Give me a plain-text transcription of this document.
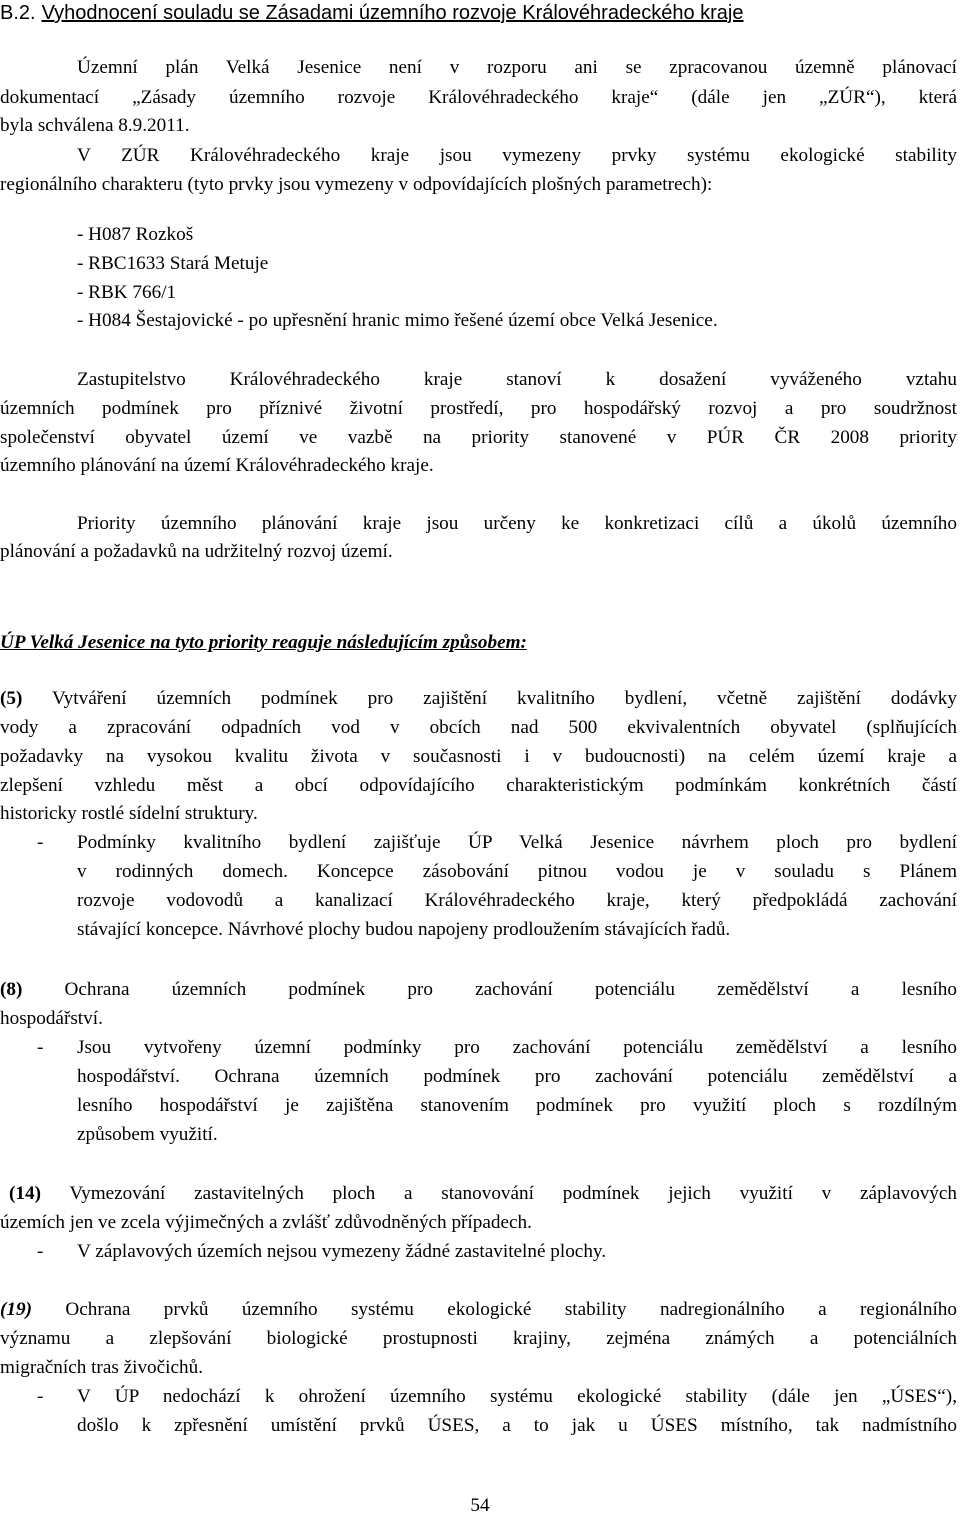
B.2. Vyhodnocení souladu se Zásadami územního rozvoje Královéhradeckého kraje
Územní plán Velká Jesenice není v rozporu ani se zpracovanou územně plánovací
dokumentací „Zásady územního rozvoje Královéhradeckého kraje“ (dále jen „ZÚR“), která
byla schválena 8.9.2011.
V ZÚR Královéhradeckého kraje jsou vymezeny prvky systému ekologické stability
regionálního charakteru (tyto prvky jsou vymezeny v odpovídajících plošných parametrech):
- H087 Rozkoš
- RBC1633 Stará Metuje
- RBK 766/1
- H084 Šestajovické - po upřesnění hranic mimo řešené území obce Velká Jesenice.
Zastupitelstvo Královéhradeckého kraje stanoví k dosažení vyváženého vztahu
územních podmínek pro příznivé životní prostředí, pro hospodářský rozvoj a pro soudržnost
společenství obyvatel území ve vazbě na priority stanovené v PÚR ČR 2008 priority
územního plánování na území Královéhradeckého kraje.
Priority územního plánování kraje jsou určeny ke konkretizaci cílů a úkolů územního
plánování a požadavků na udržitelný rozvoj území.
ÚP Velká Jesenice na tyto priority reaguje následujícím způsobem:
(5) Vytváření územních podmínek pro zajištění kvalitního bydlení, včetně zajištění dodávky
vody a zpracování odpadních vod v obcích nad 500 ekvivalentních obyvatel (splňujících
požadavky na vysokou kvalitu života v současnosti i v budoucnosti) na celém území kraje a
zlepšení vzhledu měst a obcí odpovídajícího charakteristickým podmínkám konkrétních částí
historicky rostlé sídelní struktury.
- Podmínky kvalitního bydlení zajišťuje ÚP Velká Jesenice návrhem ploch pro bydlení
v rodinných domech. Koncepce zásobování pitnou vodou je v souladu s Plánem
rozvoje vodovodů a kanalizací Královéhradeckého kraje, který předpokládá zachování
stávající koncepce. Návrhové plochy budou napojeny prodloužením stávajících řadů.
(8) Ochrana územních podmínek pro zachování potenciálu zemědělství a lesního
hospodářství.
- Jsou vytvořeny územní podmínky pro zachování potenciálu zemědělství a lesního
hospodářství. Ochrana územních podmínek pro zachování potenciálu zemědělství a
lesního hospodářství je zajištěna stanovením podmínek pro využití ploch s rozdílným
způsobem využití.
(14) Vymezování zastavitelných ploch a stanovování podmínek jejich využití v záplavových
územích jen ve zcela výjimečných a zvlášť zdůvodněných případech.
- V záplavových územích nejsou vymezeny žádné zastavitelné plochy.
(19) Ochrana prvků územního systému ekologické stability nadregionálního a regionálního
významu a zlepšování biologické prostupnosti krajiny, zejména známých a potenciálních
migračních tras živočichů.
- V ÚP nedochází k ohrožení územního systému ekologické stability (dále jen „ÚSES“),
došlo k zpřesnění umístění prvků ÚSES, a to jak u ÚSES místního, tak nadmístního
54
